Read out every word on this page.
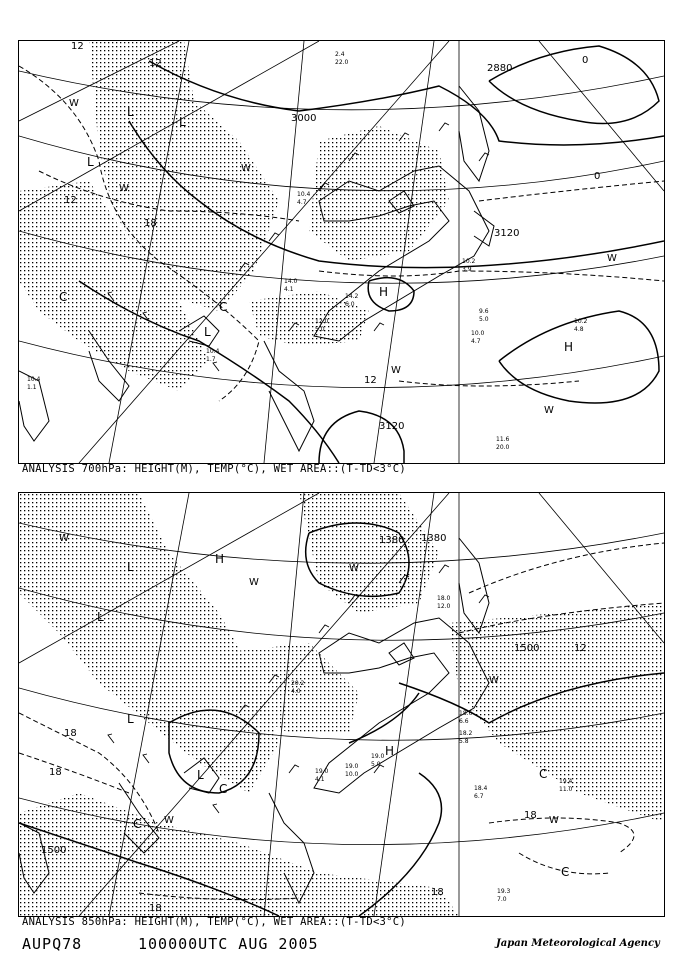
L
L
L
C
L
C
H
H
W
W
W
W
W
W
12
12
12
18
3000
2880
3120
3120
12
0
0
10.2
3.9
9.6
5.0
10.0
4.7
10.2
4.8
11.6
20.0
10.4
4.7
14.2
6.0
10.4
1.7
10.4
1.1
14.0
4.1
12.0
5.0
2.4
22.0
ANALYSIS 700hPa: HEIGHT(M), TEMP(°C), WET AREA::(T-TD<3°C)
L
L
L
L
C
C
C
C
H
H
W
W
W
W
W
W
1500
1500
1380 1380
18
18
18
18
12
18
19.4
11.0
18.4
6.7
18.6
6.6
19.3
7.0
19.0
4.1
19.0
10.0
20.2
4.0
18.2
5.8
19.0
5.0
18.0
12.0
ANALYSIS 850hPa: HEIGHT(M), TEMP(°C), WET AREA::(T-TD<3°C)
AUPQ78	100000UTC AUG 2005	Japan Meteorological Agency
